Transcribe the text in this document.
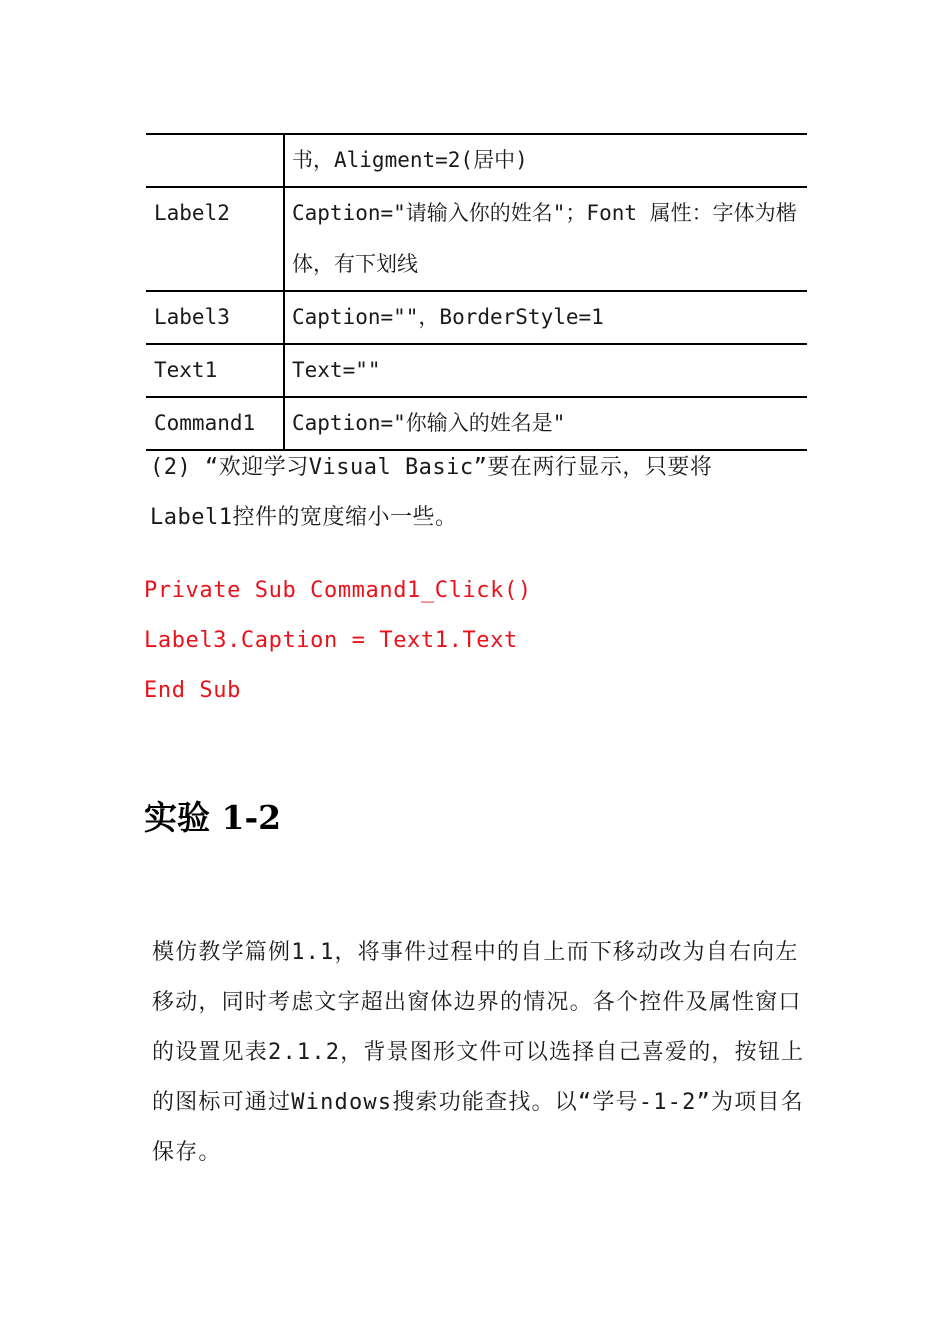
	书，Aligment=2(居中)
Label2	Caption="请输入你的姓名"；Font 属性：字体为楷体，有下划线
Label3	Caption=""，BorderStyle=1
Text1	Text=""
Command1	Caption="你输入的姓名是"
(2) “欢迎学习Visual Basic”要在两行显示，只要将Label1控件的宽度缩小一些。
Private Sub Command1_Click()
Label3.Caption = Text1.Text
End Sub
实验 1-2
模仿教学篇例1.1，将事件过程中的自上而下移动改为自右向左移动，同时考虑文字超出窗体边界的情况。各个控件及属性窗口的设置见表2.1.2，背景图形文件可以选择自己喜爱的，按钮上的图标可通过Windows搜索功能查找。以“学号-1-2”为项目名保存。
